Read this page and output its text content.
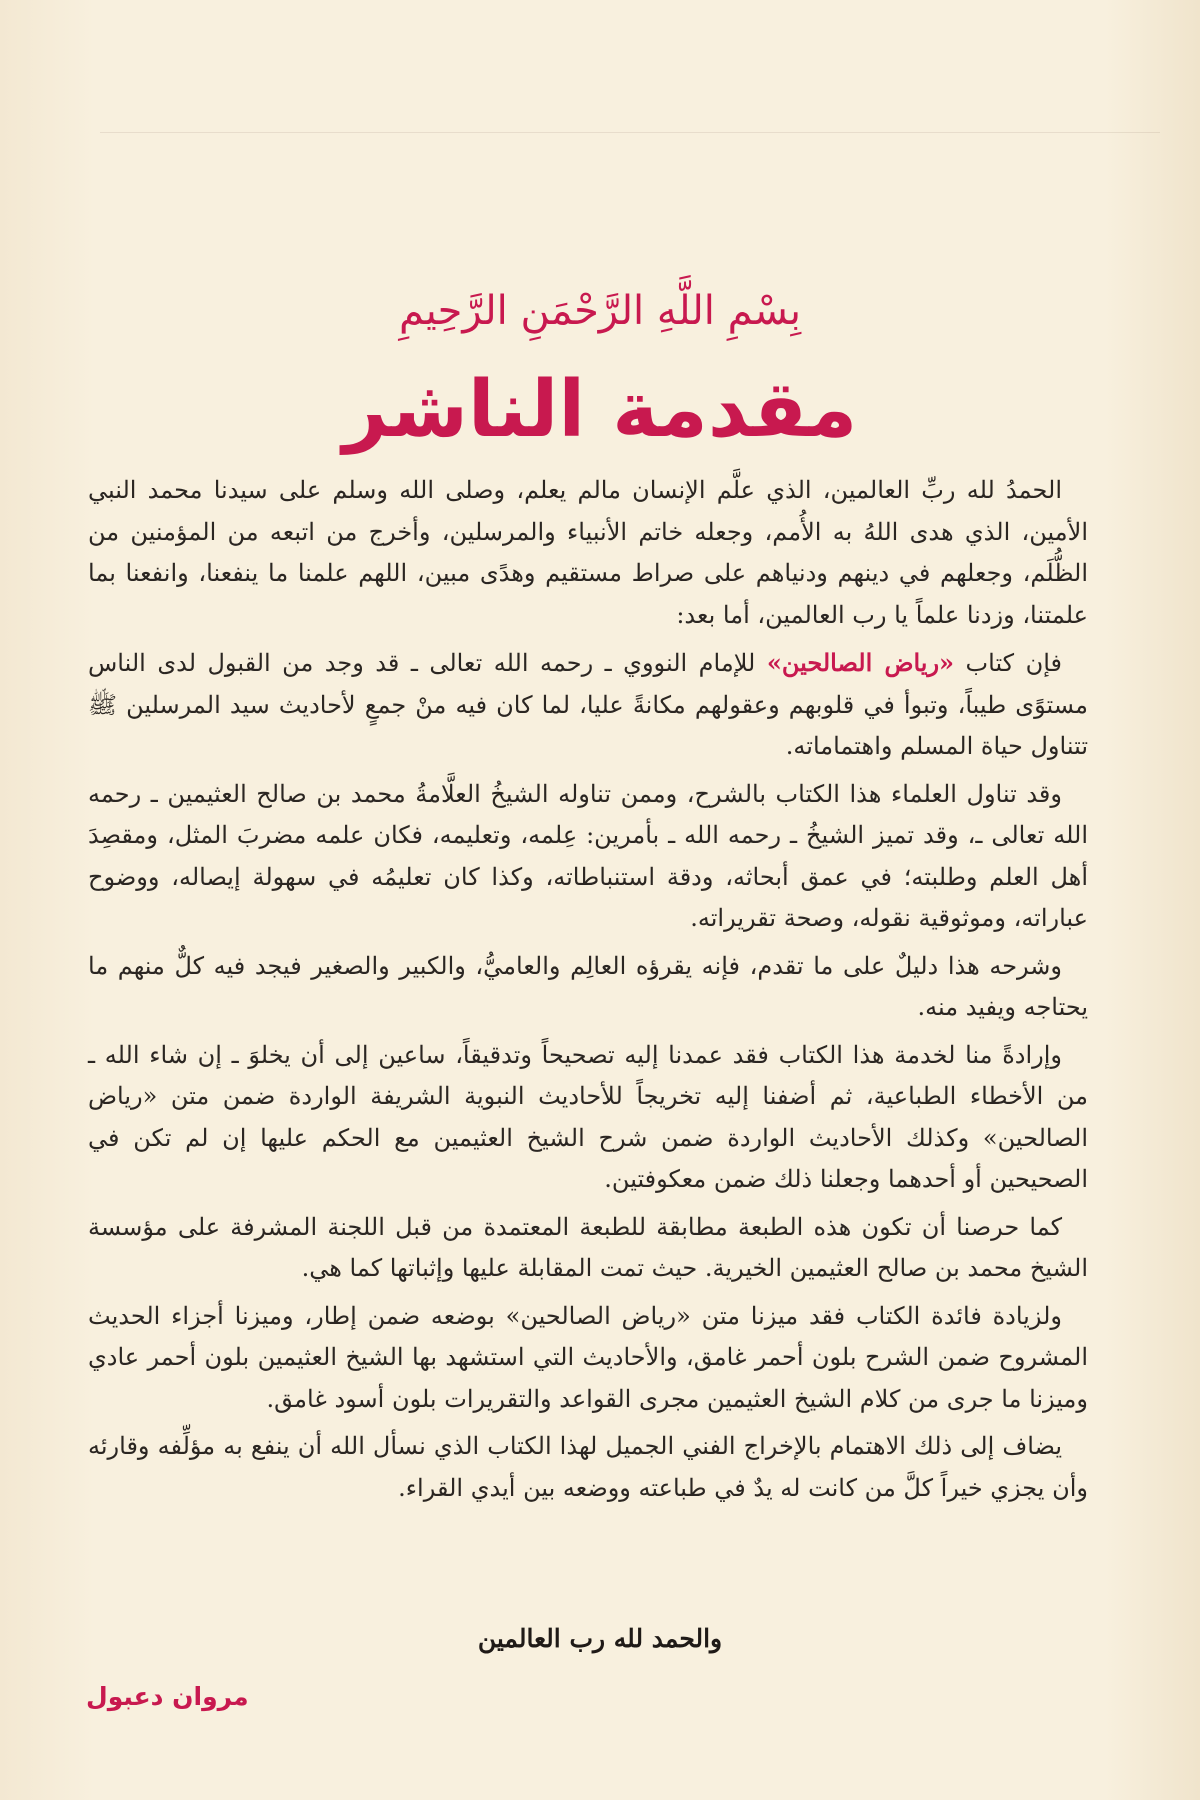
بِسْمِ اللَّهِ الرَّحْمَنِ الرَّحِيمِ
مقدمة الناشر

الحمدُ لله ربِّ العالمين، الذي علَّم الإنسان مالم يعلم، وصلى الله وسلم على سيدنا محمد النبي الأمين، الذي هدى اللهُ به الأُمم، وجعله خاتم الأنبياء والمرسلين، وأخرج من اتبعه من المؤمنين من الظُّلَم، وجعلهم في دينهم ودنياهم على صراط مستقيم وهدًى مبين، اللهم علمنا ما ينفعنا، وانفعنا بما علمتنا، وزدنا علماً يا رب العالمين، أما بعد:

فإن كتاب «رياض الصالحين» للإمام النووي ـ رحمه الله تعالى ـ قد وجد من القبول لدى الناس مستوًى طيباً، وتبوأ في قلوبهم وعقولهم مكانةً عليا، لما كان فيه منْ جمعٍ لأحاديث سيد المرسلين ﷺ تتناول حياة المسلم واهتماماته.

وقد تناول العلماء هذا الكتاب بالشرح، وممن تناوله الشيخُ العلَّامةُ محمد بن صالح العثيمين ـ رحمه الله تعالى ـ، وقد تميز الشيخُ ـ رحمه الله ـ بأمرين: عِلمه، وتعليمه، فكان علمه مضربَ المثل، ومقصِدَ أهل العلم وطلبته؛ في عمق أبحاثه، ودقة استنباطاته، وكذا كان تعليمُه في سهولة إيصاله، ووضوح عباراته، وموثوقية نقوله، وصحة تقريراته.

وشرحه هذا دليلٌ على ما تقدم، فإنه يقرؤه العالِم والعاميُّ، والكبير والصغير فيجد فيه كلٌّ منهم ما يحتاجه ويفيد منه.

وإرادةً منا لخدمة هذا الكتاب فقد عمدنا إليه تصحيحاً وتدقيقاً، ساعين إلى أن يخلوَ ـ إن شاء الله ـ من الأخطاء الطباعية، ثم أضفنا إليه تخريجاً للأحاديث النبوية الشريفة الواردة ضمن متن «رياض الصالحين» وكذلك الأحاديث الواردة ضمن شرح الشيخ العثيمين مع الحكم عليها إن لم تكن في الصحيحين أو أحدهما وجعلنا ذلك ضمن معكوفتين.

كما حرصنا أن تكون هذه الطبعة مطابقة للطبعة المعتمدة من قبل اللجنة المشرفة على مؤسسة الشيخ محمد بن صالح العثيمين الخيرية. حيث تمت المقابلة عليها وإثباتها كما هي.

ولزيادة فائدة الكتاب فقد ميزنا متن «رياض الصالحين» بوضعه ضمن إطار، وميزنا أجزاء الحديث المشروح ضمن الشرح بلون أحمر غامق، والأحاديث التي استشهد بها الشيخ العثيمين بلون أحمر عادي وميزنا ما جرى من كلام الشيخ العثيمين مجرى القواعد والتقريرات بلون أسود غامق.

يضاف إلى ذلك الاهتمام بالإخراج الفني الجميل لهذا الكتاب الذي نسأل الله أن ينفع به مؤلِّفه وقارئه وأن يجزي خيراً كلَّ من كانت له يدٌ في طباعته ووضعه بين أيدي القراء.

والحمد لله رب العالمين
مروان دعبول
